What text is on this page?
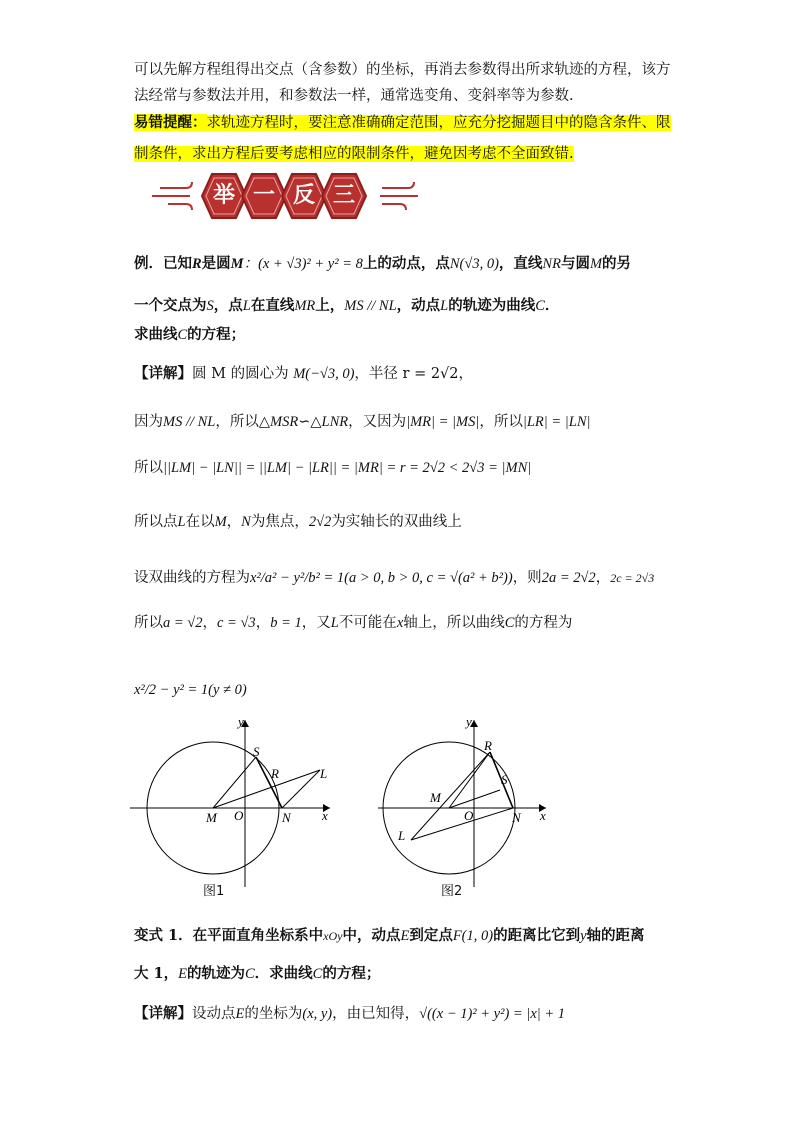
可以先解方程组得出交点（含参数）的坐标，再消去参数得出所求轨迹的方程，该方
法经常与参数法并用，和参数法一样，通常选变角、变斜率等为参数.
易错提醒：求轨迹方程时，要注意准确确定范围，应充分挖掘题目中的隐含条件、限
制条件，求出方程后要考虑相应的限制条件，避免因考虑不全面致错.
举 一 反 三
例．已知R是圆M：(x + √3)² + y² = 8上的动点，点N(√3, 0)，直线NR与圆M的另
一个交点为S，点L在直线MR上，MS // NL，动点L的轨迹为曲线C．
求曲线C的方程；
【详解】圆 M 的圆心为 M(−√3, 0)，半径 r = 2√2，
因为MS // NL，所以△MSR∽△LNR，又因为|MR| = |MS|，所以|LR| = |LN|
所以||LM| − |LN|| = ||LM| − |LR|| = |MR| = r = 2√2 < 2√3 = |MN|
所以点L在以M，N为焦点，2√2为实轴长的双曲线上
设双曲线的方程为x²/a² − y²/b² = 1(a > 0, b > 0, c = √(a² + b²))，则2a = 2√2，2c = 2√3
所以a = √2，c = √3，b = 1，又L不可能在x轴上，所以曲线C的方程为
x²/2 − y² = 1(y ≠ 0)
y
x
S
R	L
M O	N
图1
y
x
R
S
M
O	N
L
图2
变式 1．在平面直角坐标系中xOy中，动点E到定点F(1, 0)的距离比它到y轴的距离
大 1，E的轨迹为C．求曲线C的方程；
【详解】设动点E的坐标为(x, y)，由已知得，√((x − 1)² + y²) = |x| + 1
